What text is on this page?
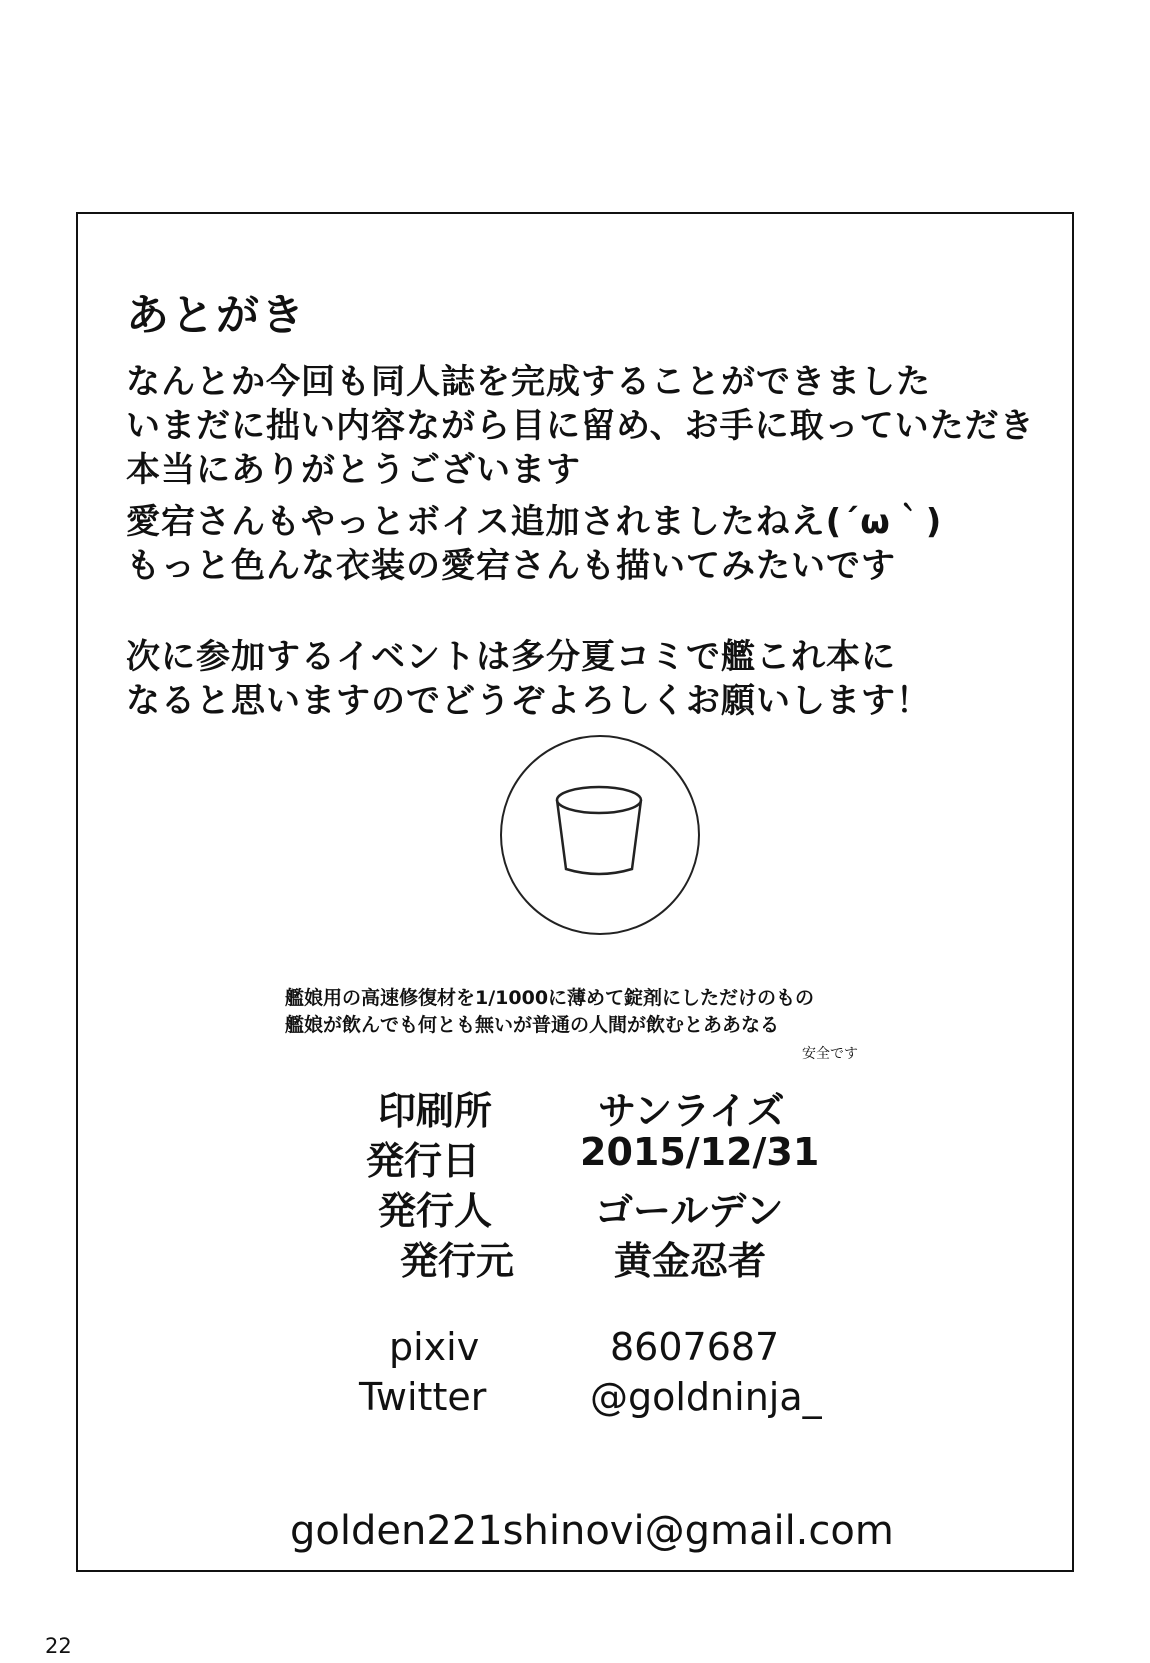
あとがき
なんとか今回も同人誌を完成することができました
いまだに拙い内容ながら目に留め、お手に取っていただき
本当にありがとうございます
愛宕さんもやっとボイス追加されましたねえ(´ω｀)
もっと色んな衣装の愛宕さんも描いてみたいです
次に参加するイベントは多分夏コミで艦これ本に
なると思いますのでどうぞよろしくお願いします！
艦娘用の高速修復材を1/1000に薄めて錠剤にしただけのもの
艦娘が飲んでも何とも無いが普通の人間が飲むとああなる
安全です
印刷所	サンライズ
発行日	2015/12/31
発行人	ゴールデン
発行元	黄金忍者
pixiv	8607687
Twitter	@goldninja_
golden221shinovi@gmail.com
22
